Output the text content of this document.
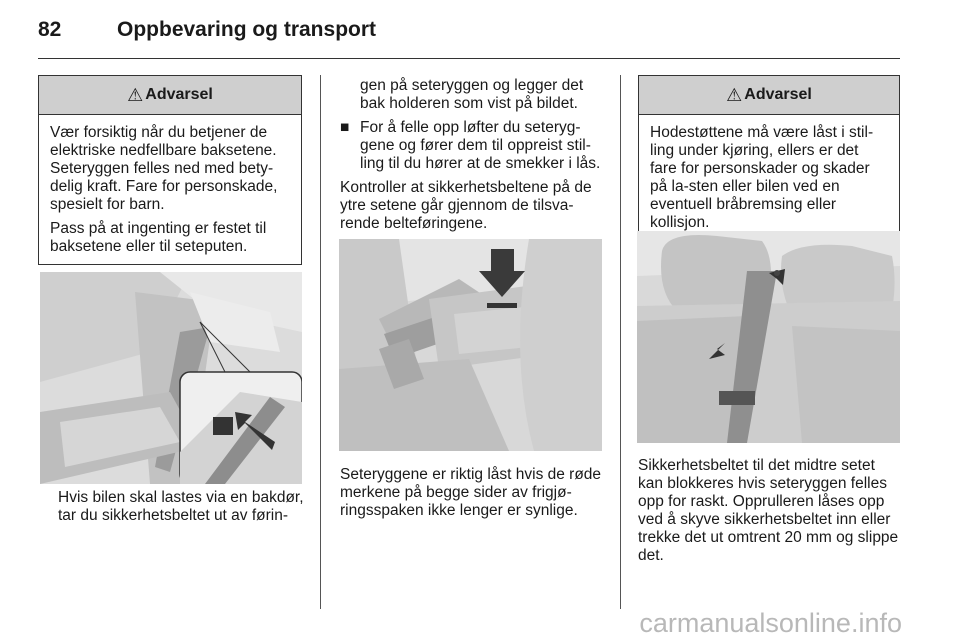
82	Oppbevaring og transport
⚠ Advarsel

Vær forsiktig når du betjener de elektriske nedfellbare baksetene. Seteryggen felles ned med bety-delig kraft. Fare for personskade, spesielt for barn.

Pass på at ingenting er festet til baksetene eller til seteputen.

Hvis bilen skal lastes via en bakdør, tar du sikkerhetsbeltet ut av førin-

gen på seteryggen og legger det bak holderen som vist på bildet.

■ For å felle opp løfter du seteryg-gene og fører dem til oppreist stil-ling til du hører at de smekker i lås.

Kontroller at sikkerhetsbeltene på de ytre setene går gjennom de tilsva-rende belteføringene.

Seteryggene er riktig låst hvis de røde merkene på begge sider av frigjø-ringsspaken ikke lenger er synlige.

⚠ Advarsel

Hodestøttene må være låst i stil-ling under kjøring, ellers er det fare for personskader og skader på la-sten eller bilen ved en eventuell bråbremsing eller kollisjon.

Sikkerhetsbeltet til det midtre setet kan blokkeres hvis seteryggen felles opp for raskt. Opprulleren låses opp ved å skyve sikkerhetsbeltet inn eller trekke det ut omtrent 20 mm og slippe det.

carmanualsonline.info
